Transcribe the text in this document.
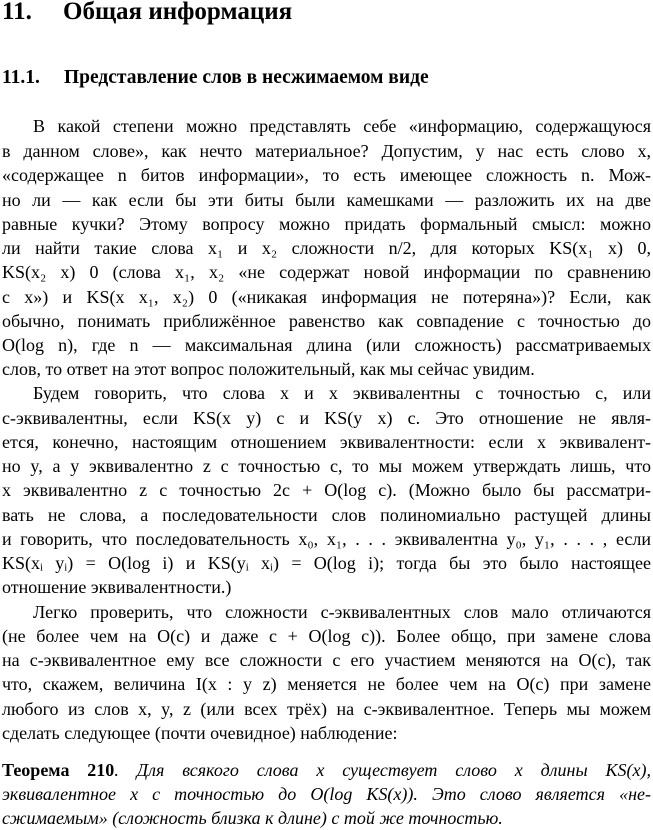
11. Общая информация
11.1. Представление слов в несжимаемом виде
В какой степени можно представлять себе «информацию, содержащуюся
в данном слове», как нечто материальное? Допустим, у нас есть слово x,
«содержащее n битов информации», то есть имеющее сложность n. Мож-
но ли — как если бы эти биты были камешками — разложить их на две
равные кучки? Этому вопросу можно придать формальный смысл: можно
ли найти такие слова x₁ и x₂ сложности n/2, для которых KS(x₁ x) 0,
KS(x₂ x) 0 (слова x₁, x₂ «не содержат новой информации по сравнению
с x») и KS(x x₁, x₂) 0 («никакая информация не потеряна»)? Если, как
обычно, понимать приближённое равенство как совпадение с точностью до
O(log n), где n — максимальная длина (или сложность) рассматриваемых
слов, то ответ на этот вопрос положительный, как мы сейчас увидим.
Будем говорить, что слова x и x эквивалентны с точностью c, или
c-эквивалентны, если KS(x y) c и KS(y x) c. Это отношение не явля-
ется, конечно, настоящим отношением эквивалентности: если x эквивалент-
но y, а y эквивалентно z с точностью c, то мы можем утверждать лишь, что
x эквивалентно z с точностью 2c + O(log c). (Можно было бы рассматри-
вать не слова, а последовательности слов полиномиально растущей длины
и говорить, что последовательность x₀, x₁, . . . эквивалентна y₀, y₁, . . . , если
KS(xᵢ yᵢ) = O(log i) и KS(yᵢ xᵢ) = O(log i); тогда бы это было настоящее
отношение эквивалентности.)
Легко проверить, что сложности c-эквивалентных слов мало отличаются
(не более чем на O(c) и даже c + O(log c)). Более общо, при замене слова
на c-эквивалентное ему все сложности с его участием меняются на O(c), так
что, скажем, величина I(x : y z) меняется не более чем на O(c) при замене
любого из слов x, y, z (или всех трёх) на c-эквивалентное. Теперь мы можем
сделать следующее (почти очевидное) наблюдение:
Теорема 210. Для всякого слова x существует слово x длины KS(x),
эквивалентное x с точностью до O(log KS(x)). Это слово является «не-
сжимаемым» (сложность близка к длине) с той же точностью.
